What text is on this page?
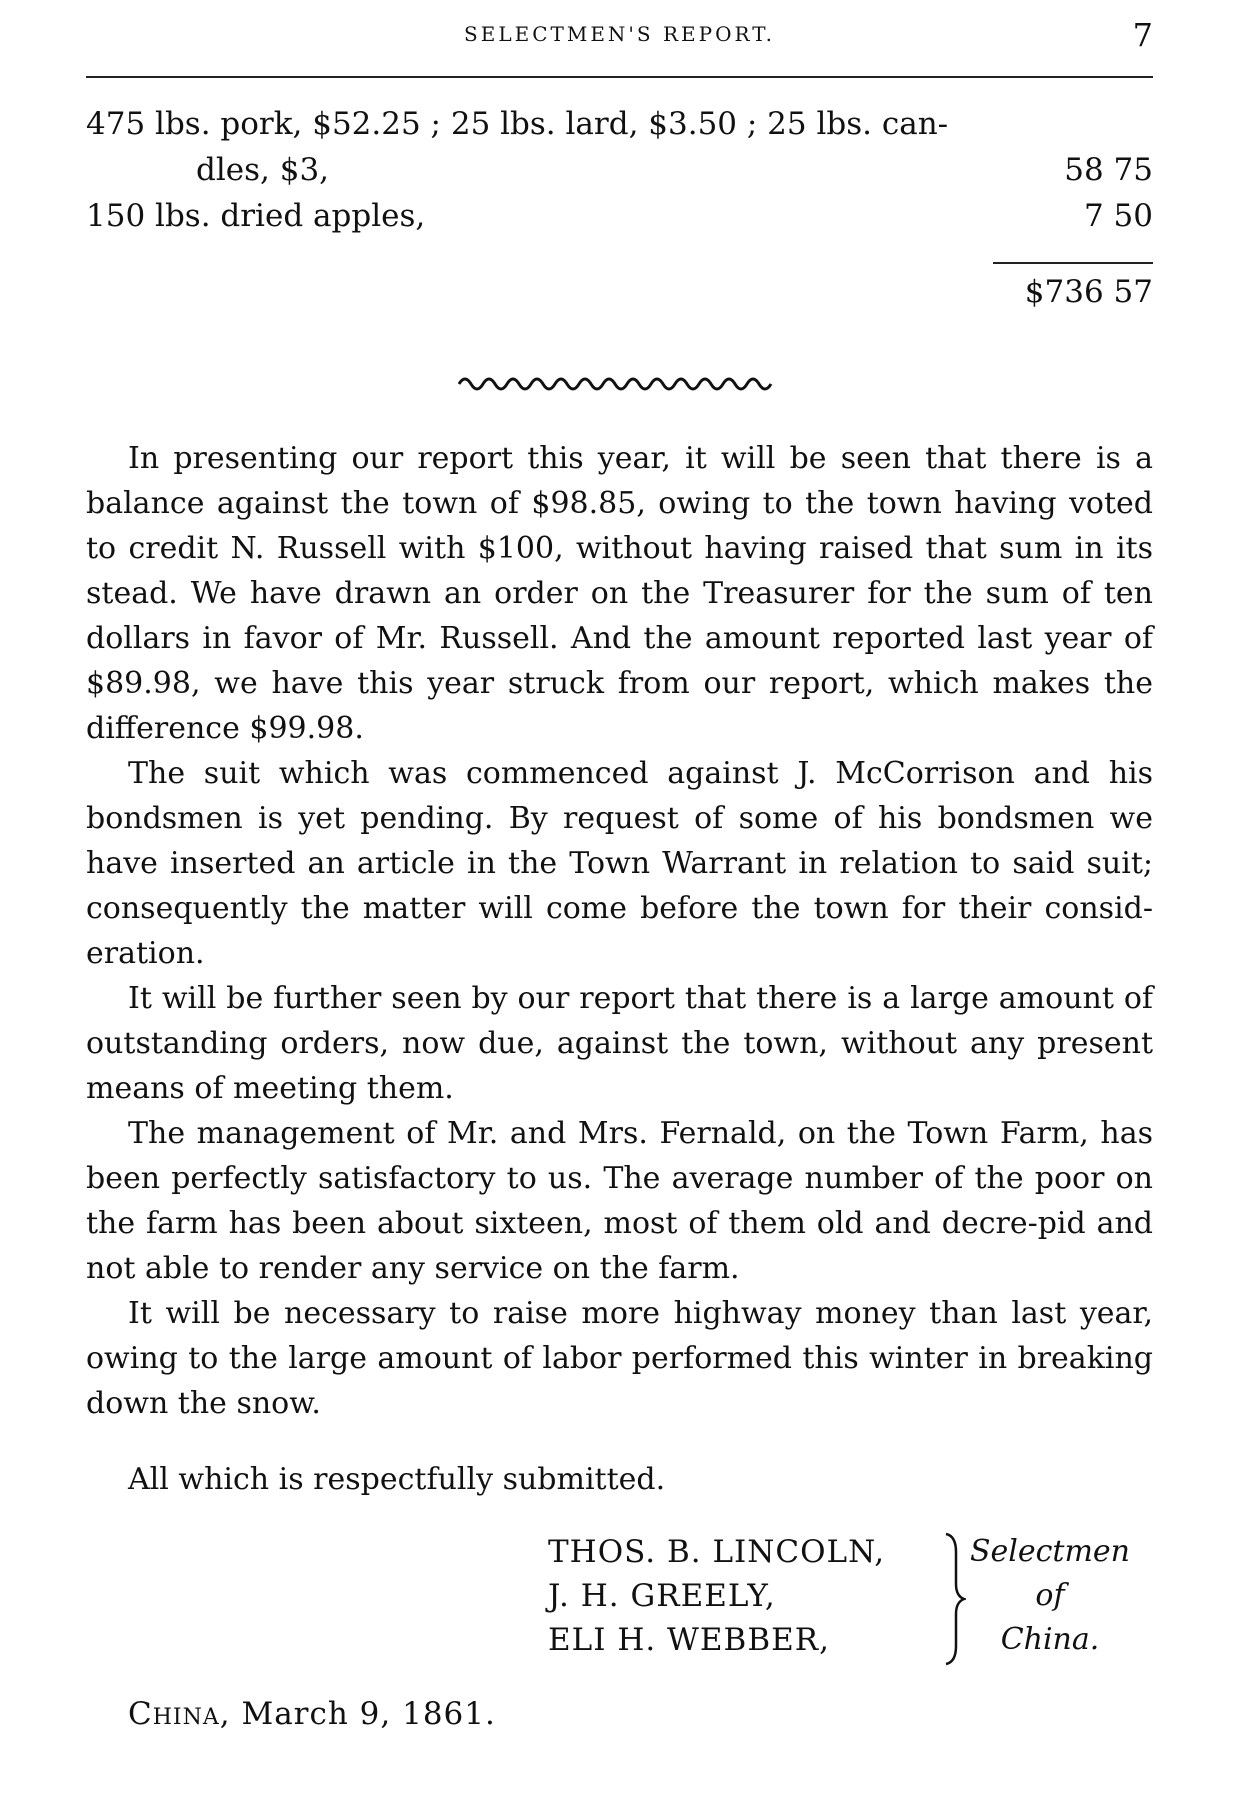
SELECTMEN'S REPORT.	7
475 lbs. pork, $52.25 ; 25 lbs. lard, $3.50 ; 25 lbs. can-
dles, $3,	58 75
150 lbs. dried apples,	7 50
$736 57

In presenting our report this year, it will be seen that there is a balance against the town of $98.85, owing to the town having voted to credit N. Russell with $100, without having raised that sum in its stead. We have drawn an order on the Treasurer for the sum of ten dollars in favor of Mr. Russell. And the amount reported last year of $89.98, we have this year struck from our report, which makes the difference $99.98.

The suit which was commenced against J. McCorrison and his bondsmen is yet pending. By request of some of his bondsmen we have inserted an article in the Town Warrant in relation to said suit; consequently the matter will come before the town for their consid-eration.

It will be further seen by our report that there is a large amount of outstanding orders, now due, against the town, without any present means of meeting them.

The management of Mr. and Mrs. Fernald, on the Town Farm, has been perfectly satisfactory to us. The average number of the poor on the farm has been about sixteen, most of them old and decre-pid and not able to render any service on the farm.

It will be necessary to raise more highway money than last year, owing to the large amount of labor performed this winter in breaking down the snow.

All which is respectfully submitted.
THOS. B. LINCOLN,
J. H. GREELY,
ELI H. WEBBER,
Selectmen
of
China.
China, March 9, 1861.
